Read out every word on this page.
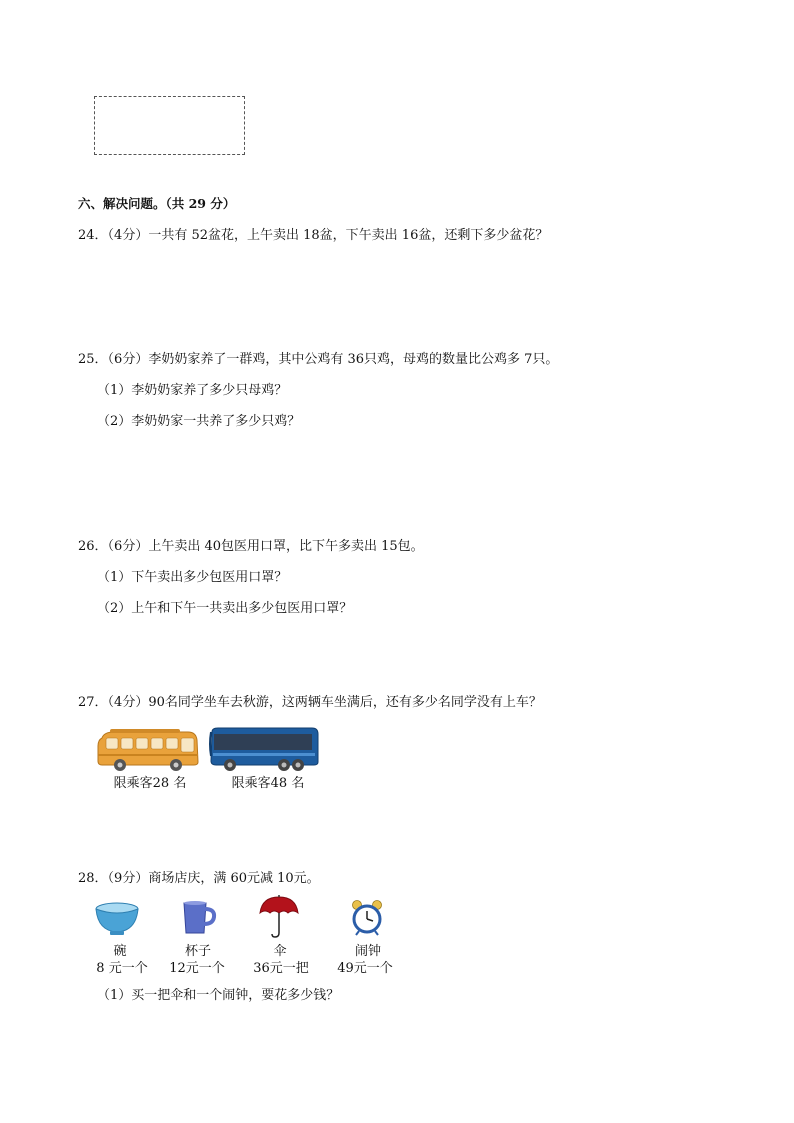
六、解决问题。（共 29 分）
24．（4分）一共有 52盆花，上午卖出 18盆，下午卖出 16盆，还剩下多少盆花？
25．（6分）李奶奶家养了一群鸡，其中公鸡有 36只鸡，母鸡的数量比公鸡多 7只。
（1）李奶奶家养了多少只母鸡？
（2）李奶奶家一共养了多少只鸡？
26．（6分）上午卖出 40包医用口罩，比下午多卖出 15包。
（1）下午卖出多少包医用口罩？
（2）上午和下午一共卖出多少包医用口罩？
27．（4分）90名同学坐车去秋游，这两辆车坐满后，还有多少名同学没有上车？
限乘客28 名	限乘客48 名
28．（9分）商场店庆，满 60元减 10元。
碗
8 元一个
杯子
12元一个
伞
36元一把
闹钟
49元一个
（1）买一把伞和一个闹钟，要花多少钱？
